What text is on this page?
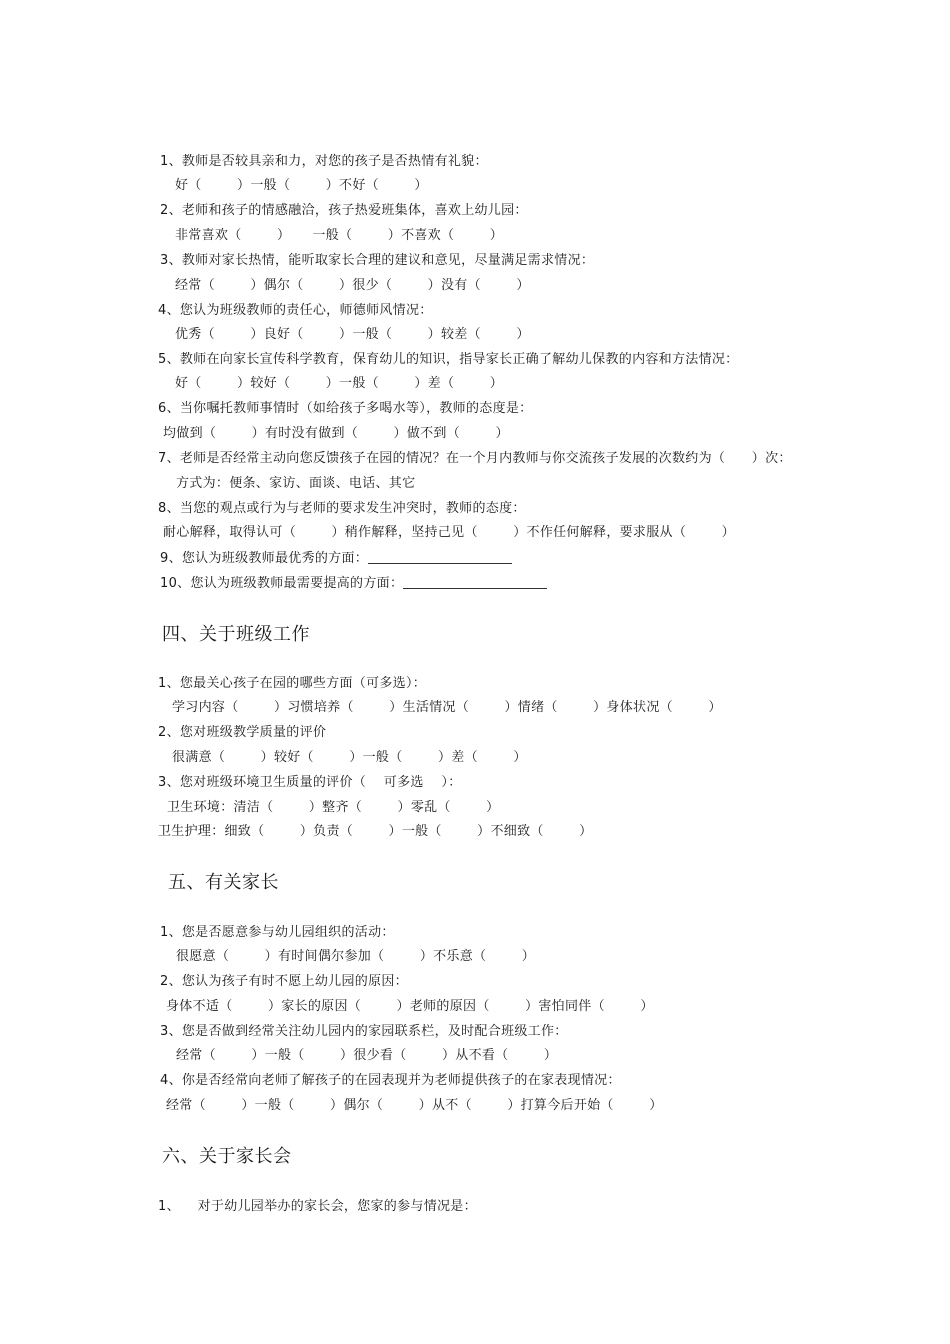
1、教师是否较具亲和力，对您的孩子是否热情有礼貌：
好（        ）一般（        ）不好（        ）
2、老师和孩子的情感融洽，孩子热爱班集体，喜欢上幼儿园：
非常喜欢（        ）     一般（        ）不喜欢（        ）
3、教师对家长热情，能听取家长合理的建议和意见，尽量满足需求情况：
经常（        ）偶尔（        ）很少（        ）没有（        ）
4、您认为班级教师的责任心，师德师风情况：
优秀（        ）良好（        ）一般（        ）较差（        ）
5、教师在向家长宣传科学教育，保育幼儿的知识，指导家长正确了解幼儿保教的内容和方法情况：
好（        ）较好（        ）一般（        ）差（        ）
6、当你嘱托教师事情时（如给孩子多喝水等），教师的态度是：
均做到（        ）有时没有做到（        ）做不到（        ）
7、老师是否经常主动向您反馈孩子在园的情况？在一个月内教师与你交流孩子发展的次数约为（      ）次：
方式为：便条、家访、面谈、电话、其它
8、当您的观点或行为与老师的要求发生冲突时，教师的态度：
耐心解释，取得认可（        ）稍作解释，坚持己见（        ）不作任何解释，要求服从（        ）
9、您认为班级教师最优秀的方面：
10、您认为班级教师最需要提高的方面：
四、关于班级工作
1、您最关心孩子在园的哪些方面（可多选）：
学习内容（        ）习惯培养（        ）生活情况（        ）情绪（        ）身体状况（        ）
2、您对班级教学质量的评价
很满意（        ）较好（        ）一般（        ）差（        ）
3、您对班级环境卫生质量的评价（    可多选    ）：
卫生环境：清洁（        ）整齐（        ）零乱（        ）
卫生护理：细致（        ）负责（        ）一般（        ）不细致（        ）
五、有关家长
1、您是否愿意参与幼儿园组织的活动：
很愿意（        ）有时间偶尔参加（        ）不乐意（        ）
2、您认为孩子有时不愿上幼儿园的原因：
身体不适（        ）家长的原因（        ）老师的原因（        ）害怕同伴（        ）
3、您是否做到经常关注幼儿园内的家园联系栏，及时配合班级工作：
经常（        ）一般（        ）很少看（        ）从不看（        ）
4、你是否经常向老师了解孩子的在园表现并为老师提供孩子的在家表现情况：
经常（        ）一般（        ）偶尔（        ）从不（        ）打算今后开始（        ）
六、关于家长会
1、    对于幼儿园举办的家长会，您家的参与情况是：
